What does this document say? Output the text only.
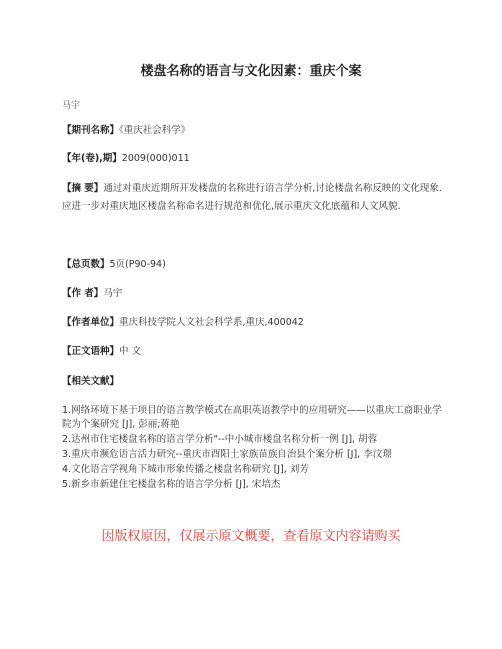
楼盘名称的语言与文化因素：重庆个案
马宇
【期刊名称】《重庆社会科学》
【年(卷),期】2009(000)011
【摘 要】通过对重庆近期所开发楼盘的名称进行语言学分析,讨论楼盘名称反映的文化现象.应进一步对重庆地区楼盘名称命名进行规范和优化,展示重庆文化底蕴和人文风貌.
【总页数】5页(P90-94)
【作 者】马宇
【作者单位】重庆科技学院人文社会科学系,重庆,400042
【正文语种】中 文
【相关文献】
1.网络环境下基于项目的语言教学模式在高职英语教学中的应用研究——以重庆工商职业学院为个案研究 [J], 彭丽;蒋艳
2.达州市住宅楼盘名称的语言学分析"--中小城市楼盘名称分析一例 [J], 胡蓉
3.重庆市濒危语言活力研究--重庆市酉阳土家族苗族自治县个案分析 [J], 李汶璟
4.文化语言学视角下城市形象传播之楼盘名称研究 [J], 刘芳
5.新乡市新建住宅楼盘名称的语言学分析 [J], 宋培杰
因版权原因，仅展示原文概要，查看原文内容请购买
